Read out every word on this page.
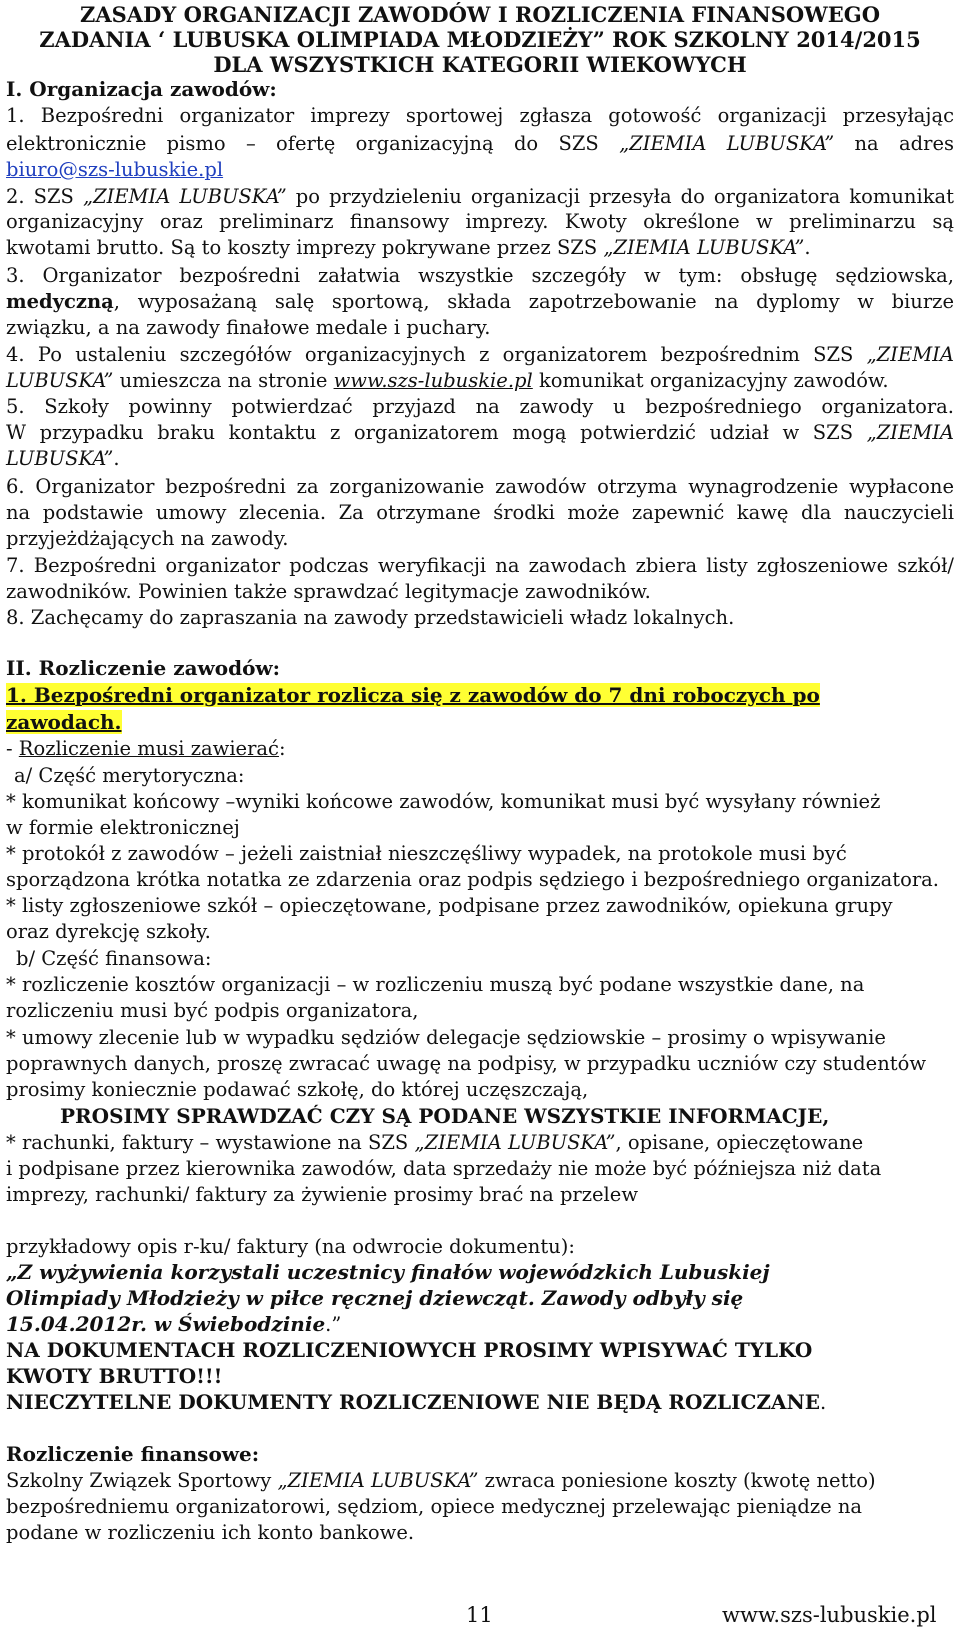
ZASADY ORGANIZACJI ZAWODÓW I ROZLICZENIA FINANSOWEGO

ZADANIA ‘ LUBUSKA OLIMPIADA MŁODZIEŻY” ROK SZKOLNY 2014/2015

DLA WSZYSTKICH KATEGORII WIEKOWYCH

I. Organizacja zawodów:

1. Bezpośredni organizator imprezy sportowej zgłasza gotowość organizacji przesyłając

elektronicznie pismo – ofertę organizacyjną do SZS „ZIEMIA LUBUSKA” na adres

biuro@szs-lubuskie.pl

2. SZS „ZIEMIA LUBUSKA” po przydzieleniu organizacji przesyła do organizatora komunikat

organizacyjny oraz preliminarz finansowy imprezy. Kwoty określone w preliminarzu są

kwotami brutto. Są to koszty imprezy pokrywane przez SZS „ZIEMIA LUBUSKA”.

3. Organizator bezpośredni załatwia wszystkie szczegóły w tym: obsługę sędziowska,

medyczną, wyposażaną salę sportową, składa zapotrzebowanie na dyplomy w biurze

związku, a na zawody finałowe medale i puchary.

4. Po ustaleniu szczegółów organizacyjnych z organizatorem bezpośrednim SZS „ZIEMIA

LUBUSKA” umieszcza na stronie www.szs-lubuskie.pl komunikat organizacyjny zawodów.

5. Szkoły powinny potwierdzać przyjazd na zawody u bezpośredniego organizatora.

W przypadku braku kontaktu z organizatorem mogą potwierdzić udział w SZS „ZIEMIA

LUBUSKA”.

6. Organizator bezpośredni za zorganizowanie zawodów otrzyma wynagrodzenie wypłacone

na podstawie umowy zlecenia. Za otrzymane środki może zapewnić kawę dla nauczycieli

przyjeżdżających na zawody.

7. Bezpośredni organizator podczas weryfikacji na zawodach zbiera listy zgłoszeniowe szkół/

zawodników. Powinien także sprawdzać legitymacje zawodników.

8. Zachęcamy do zapraszania na zawody przedstawicieli władz lokalnych.

II. Rozliczenie zawodów:

1. Bezpośredni organizator rozlicza się z zawodów do 7 dni roboczych po

zawodach.

- Rozliczenie musi zawierać:

a/ Część merytoryczna:

* komunikat końcowy –wyniki końcowe zawodów, komunikat musi być wysyłany również

w formie elektronicznej

* protokół z zawodów – jeżeli zaistniał nieszczęśliwy wypadek, na protokole musi być

sporządzona krótka notatka ze zdarzenia oraz podpis sędziego i bezpośredniego organizatora.

* listy zgłoszeniowe szkół – opieczętowane, podpisane przez zawodników, opiekuna grupy

oraz dyrekcję szkoły.

b/ Część finansowa:

* rozliczenie kosztów organizacji – w rozliczeniu muszą być podane wszystkie dane, na

rozliczeniu musi być podpis organizatora,

* umowy zlecenie lub w wypadku sędziów delegacje sędziowskie – prosimy o wpisywanie

poprawnych danych, proszę zwracać uwagę na podpisy, w przypadku uczniów czy studentów

prosimy koniecznie podawać szkołę, do której uczęszczają,

PROSIMY SPRAWDZAĆ CZY SĄ PODANE WSZYSTKIE INFORMACJE,

* rachunki, faktury – wystawione na SZS „ZIEMIA LUBUSKA”, opisane, opieczętowane

i podpisane przez kierownika zawodów, data sprzedaży nie może być późniejsza niż data

imprezy, rachunki/ faktury za żywienie prosimy brać na przelew

przykładowy opis r-ku/ faktury (na odwrocie dokumentu):

„Z wyżywienia korzystali uczestnicy finałów wojewódzkich Lubuskiej

Olimpiady Młodzieży w piłce ręcznej dziewcząt. Zawody odbyły się

15.04.2012r. w Świebodzinie.”

NA DOKUMENTACH ROZLICZENIOWYCH PROSIMY WPISYWAĆ TYLKO

KWOTY BRUTTO!!!

NIECZYTELNE DOKUMENTY ROZLICZENIOWE NIE BĘDĄ ROZLICZANE.

Rozliczenie finansowe:

Szkolny Związek Sportowy „ZIEMIA LUBUSKA” zwraca poniesione koszty (kwotę netto)

bezpośredniemu organizatorowi, sędziom, opiece medycznej przelewając pieniądze na

podane w rozliczeniu ich konto bankowe.

11	www.szs-lubuskie.pl
